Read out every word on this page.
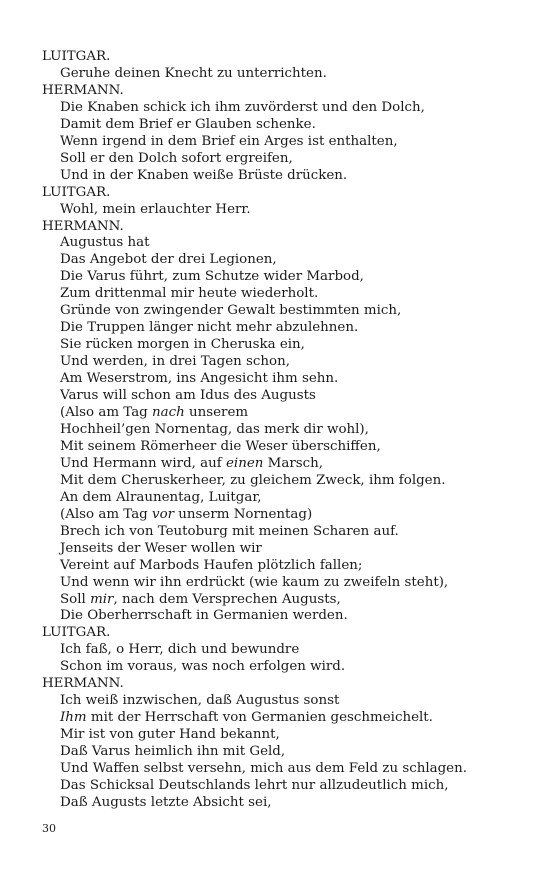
LUITGAR.
Geruhe deinen Knecht zu unterrichten.
HERMANN.
Die Knaben schick ich ihm zuvörderst und den Dolch,
Damit dem Brief er Glauben schenke.
Wenn irgend in dem Brief ein Arges ist enthalten,
Soll er den Dolch sofort ergreifen,
Und in der Knaben weiße Brüste drücken.
LUITGAR.
Wohl, mein erlauchter Herr.
HERMANN.
Augustus hat
Das Angebot der drei Legionen,
Die Varus führt, zum Schutze wider Marbod,
Zum drittenmal mir heute wiederholt.
Gründe von zwingender Gewalt bestimmten mich,
Die Truppen länger nicht mehr abzulehnen.
Sie rücken morgen in Cheruska ein,
Und werden, in drei Tagen schon,
Am Weserstrom, ins Angesicht ihm sehn.
Varus will schon am Idus des Augusts
(Also am Tag nach unserem
Hochheil’gen Nornentag, das merk dir wohl),
Mit seinem Römerheer die Weser überschiffen,
Und Hermann wird, auf einen Marsch,
Mit dem Cheruskerheer, zu gleichem Zweck, ihm folgen.
An dem Alraunentag, Luitgar,
(Also am Tag vor unserm Nornentag)
Brech ich von Teutoburg mit meinen Scharen auf.
Jenseits der Weser wollen wir
Vereint auf Marbods Haufen plötzlich fallen;
Und wenn wir ihn erdrückt (wie kaum zu zweifeln steht),
Soll mir, nach dem Versprechen Augusts,
Die Oberherrschaft in Germanien werden.
LUITGAR.
Ich faß, o Herr, dich und bewundre
Schon im voraus, was noch erfolgen wird.
HERMANN.
Ich weiß inzwischen, daß Augustus sonst
Ihm mit der Herrschaft von Germanien geschmeichelt.
Mir ist von guter Hand bekannt,
Daß Varus heimlich ihn mit Geld,
Und Waffen selbst versehn, mich aus dem Feld zu schlagen.
Das Schicksal Deutschlands lehrt nur allzudeutlich mich,
Daß Augusts letzte Absicht sei,
30
